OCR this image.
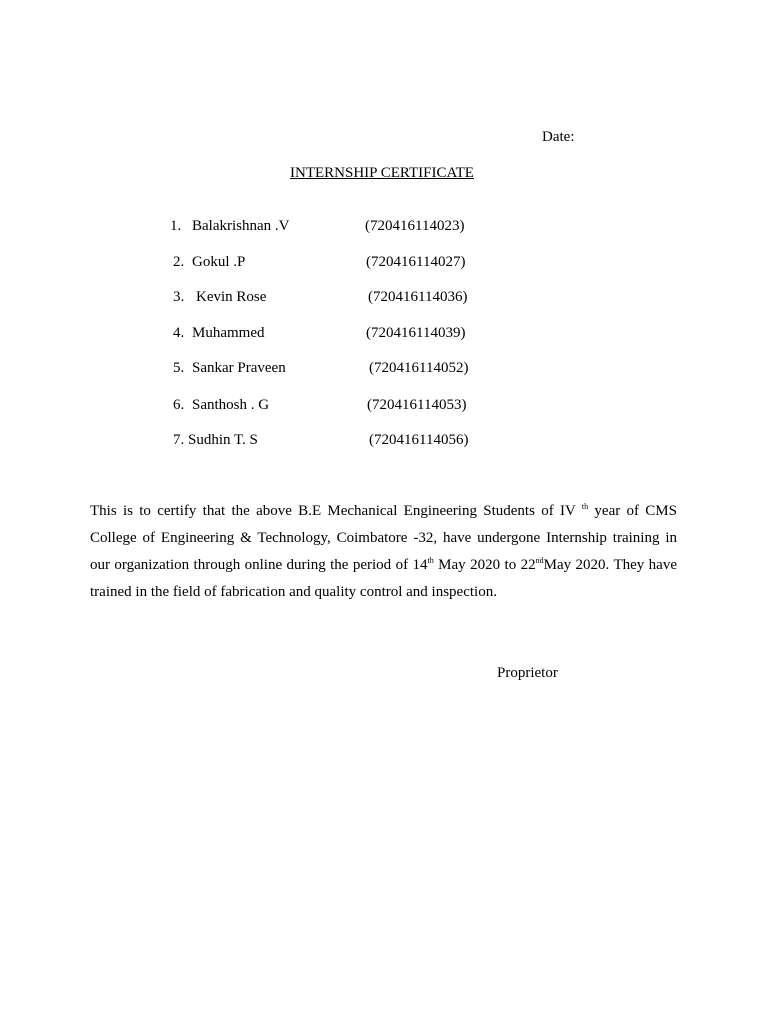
Date:
INTERNSHIP CERTIFICATE
1. Balakrishnan .V	(720416114023)
2. Gokul .P	(720416114027)
3. Kevin Rose	(720416114036)
4. Muhammed	(720416114039)
5. Sankar Praveen	(720416114052)
6. Santhosh . G	(720416114053)
7. Sudhin T. S	(720416114056)

This is to certify that the above B.E Mechanical Engineering Students of IV $^{th}$ year of CMS College of Engineering & Technology, Coimbatore -32, have undergone Internship training in our organization through online during the period of 14th May 2020 to 22ndMay 2020. They have trained in the field of fabrication and quality control and inspection.

Proprietor
